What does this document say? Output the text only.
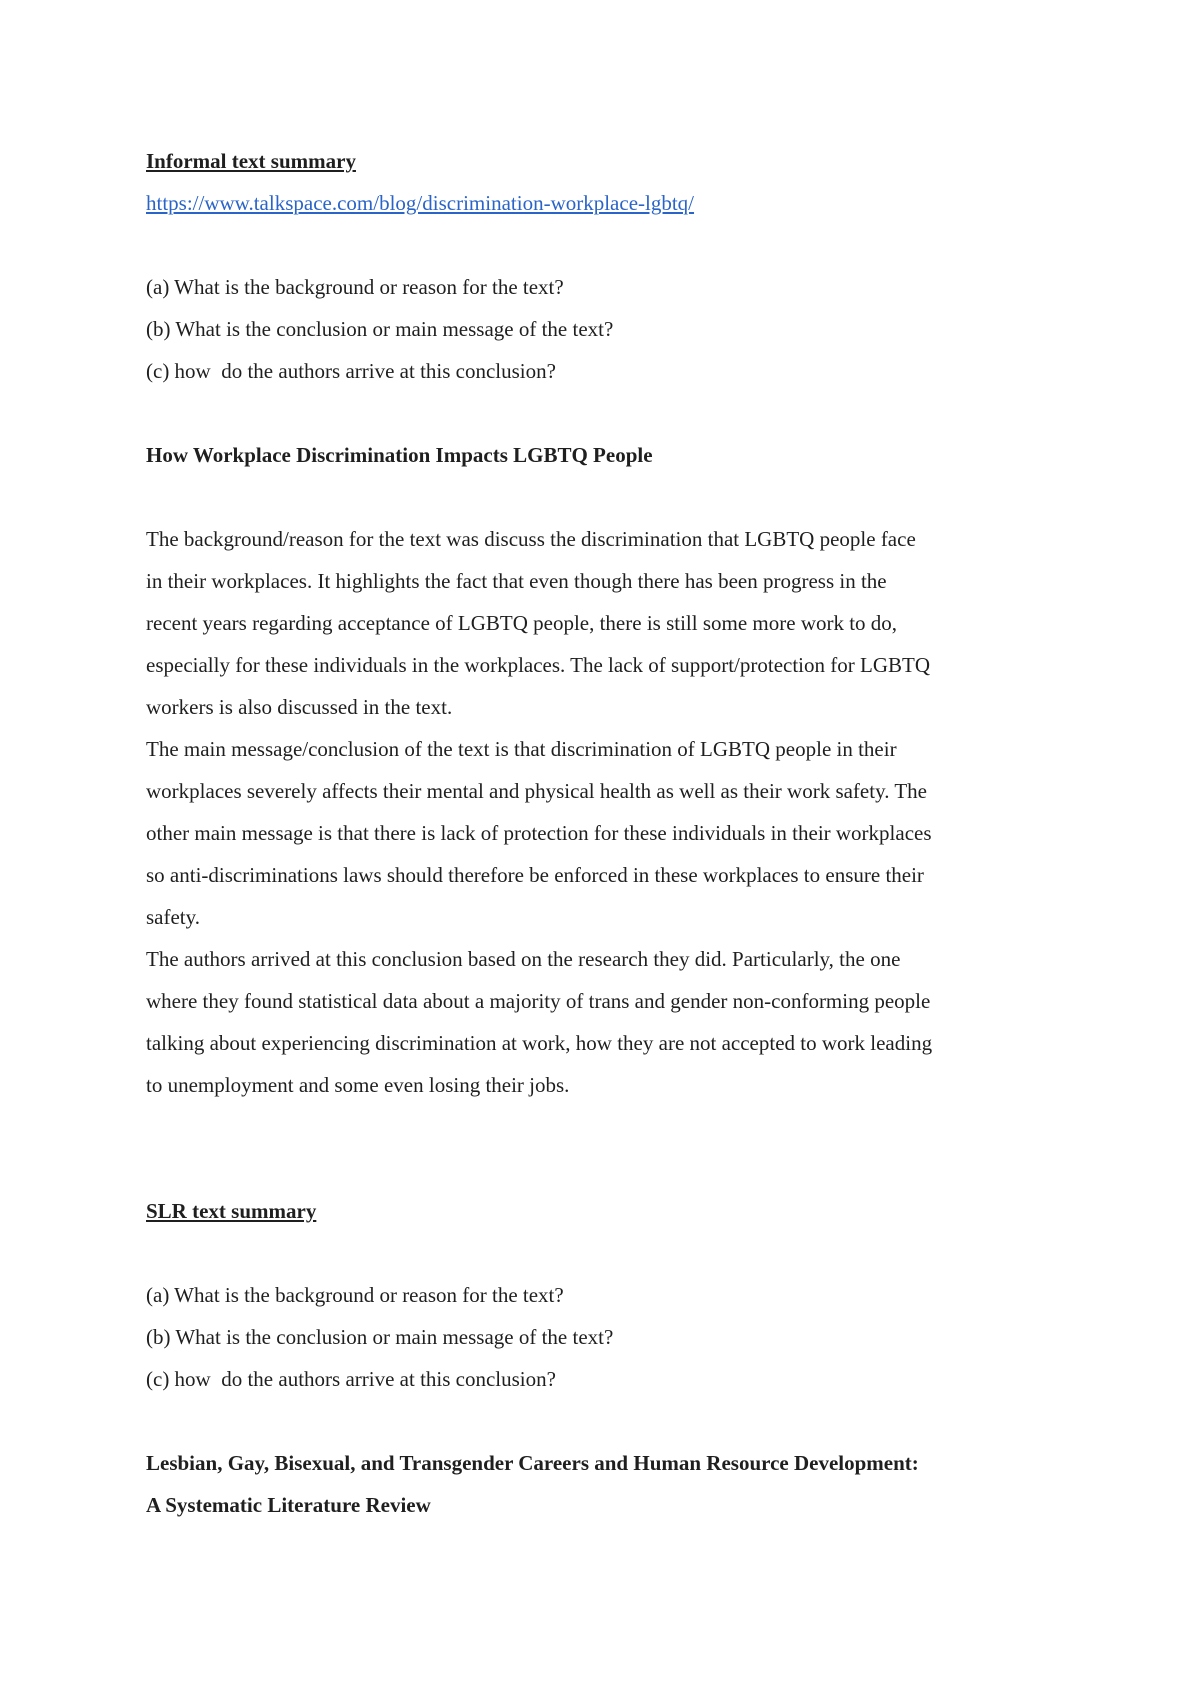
Informal text summary
https://www.talkspace.com/blog/discrimination-workplace-lgbtq/
(a) What is the background or reason for the text?
(b) What is the conclusion or main message of the text?
(c) how  do the authors arrive at this conclusion?
How Workplace Discrimination Impacts LGBTQ People
The background/reason for the text was discuss the discrimination that LGBTQ people face
in their workplaces. It highlights the fact that even though there has been progress in the
recent years regarding acceptance of LGBTQ people, there is still some more work to do,
especially for these individuals in the workplaces. The lack of support/protection for LGBTQ
workers is also discussed in the text.
The main message/conclusion of the text is that discrimination of LGBTQ people in their
workplaces severely affects their mental and physical health as well as their work safety. The
other main message is that there is lack of protection for these individuals in their workplaces
so anti-discriminations laws should therefore be enforced in these workplaces to ensure their
safety.
The authors arrived at this conclusion based on the research they did. Particularly, the one
where they found statistical data about a majority of trans and gender non-conforming people
talking about experiencing discrimination at work, how they are not accepted to work leading
to unemployment and some even losing their jobs.
SLR text summary
(a) What is the background or reason for the text?
(b) What is the conclusion or main message of the text?
(c) how  do the authors arrive at this conclusion?
Lesbian, Gay, Bisexual, and Transgender Careers and Human Resource Development:
A Systematic Literature Review
